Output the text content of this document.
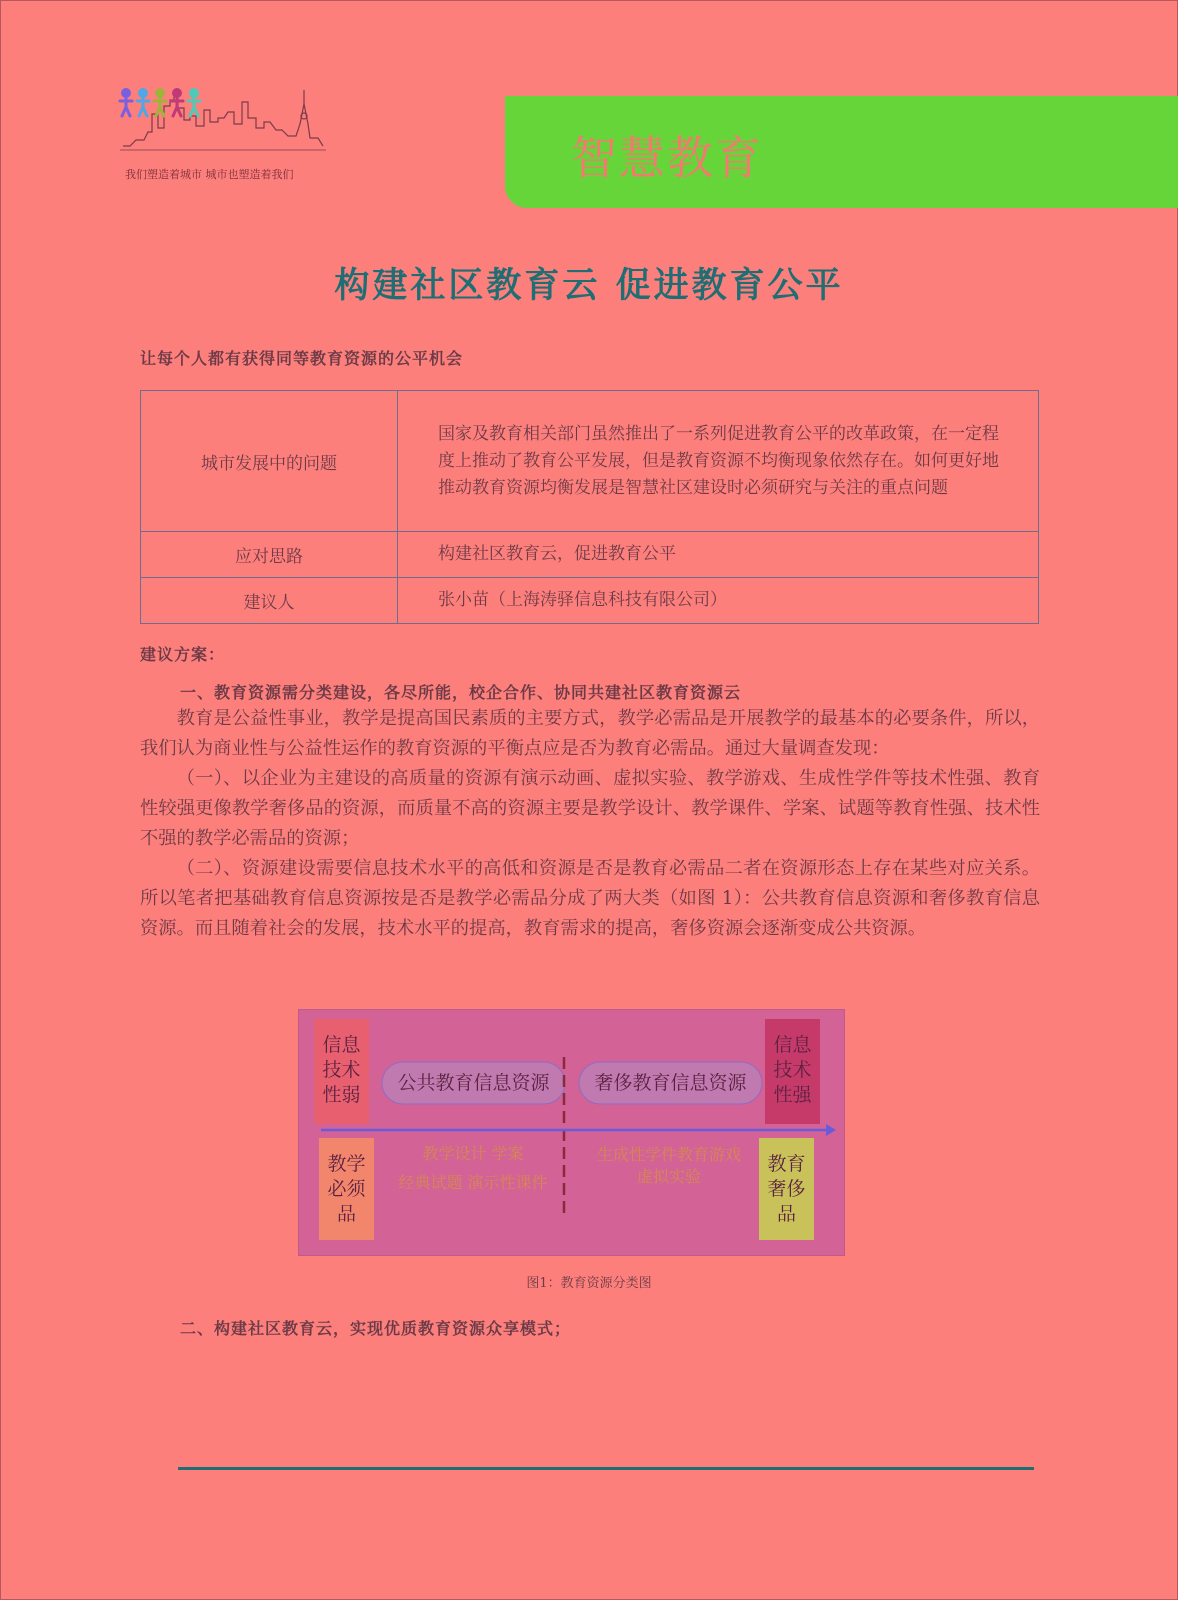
我们塑造着城市 城市也塑造着我们	智慧教育
构建社区教育云 促进教育公平
让每个人都有获得同等教育资源的公平机会
城市发展中的问题	国家及教育相关部门虽然推出了一系列促进教育公平的改革政策，在一定程度上推动了教育公平发展，但是教育资源不均衡现象依然存在。如何更好地推动教育资源均衡发展是智慧社区建设时必须研究与关注的重点问题
应对思路	构建社区教育云，促进教育公平
建议人	张小苗（上海涛驿信息科技有限公司）
建议方案：
一、教育资源需分类建设，各尽所能，校企合作、协同共建社区教育资源云

教育是公益性事业，教学是提高国民素质的主要方式，教学必需品是开展教学的最基本的必要条件，所以，我们认为商业性与公益性运作的教育资源的平衡点应是否为教育必需品。通过大量调查发现：

（一）、以企业为主建设的高质量的资源有演示动画、虚拟实验、教学游戏、生成性学件等技术性强、教育性较强更像教学奢侈品的资源，而质量不高的资源主要是教学设计、教学课件、学案、试题等教育性强、技术性不强的教学必需品的资源；

（二）、资源建设需要信息技术水平的高低和资源是否是教育必需品二者在资源形态上存在某些对应关系。所以笔者把基础教育信息资源按是否是教学必需品分成了两大类（如图 1）：公共教育信息资源和奢侈教育信息资源。而且随着社会的发展，技术水平的提高，教育需求的提高，奢侈资源会逐渐变成公共资源。

信息
技术
性弱
信息
技术
性强
公共教育信息资源 奢侈教育信息资源
教学
必须
品
教育
奢侈
品
教学设计 学案
经典试题 演示性课件
生成性学件教育游戏
虚拟实验
图1：教育资源分类图
二、构建社区教育云，实现优质教育资源众享模式；
